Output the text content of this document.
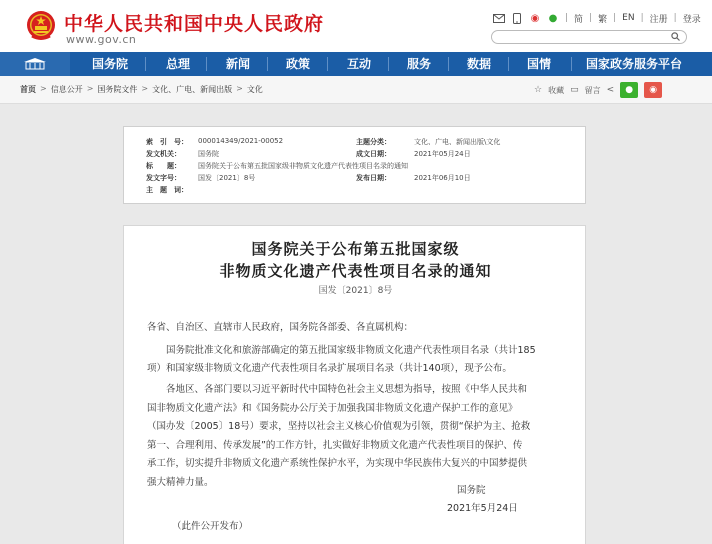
中华人民共和国中央人民政府
www.gov.cn
◉ ● | 简 | 繁 | EN | 注册 | 登录
国务院	总理	新闻	政策	互动	服务	数据	国情	国家政务服务平台
首页 > 信息公开 > 国务院文件 > 文化、广电、新闻出版 > 文化	☆ 收藏 ▭ 留言 <	●	◉
索　引　号： 000014349/2021-00052	主题分类：	文化、广电、新闻出版\文化
发文机关： 国务院	成文日期：	2021年05月24日
标　　题： 国务院关于公布第五批国家级非物质文化遗产代表性项目名录的通知
发文字号： 国发〔2021〕8号	发布日期：	2021年06月10日
主　题　词：
国务院关于公布第五批国家级
非物质文化遗产代表性项目名录的通知
国发〔2021〕8号
各省、自治区、直辖市人民政府，国务院各部委、各直属机构：
国务院批准文化和旅游部确定的第五批国家级非物质文化遗产代表性项目名录（共计185
项）和国家级非物质文化遗产代表性项目名录扩展项目名录（共计140项），现予公布。
各地区、各部门要以习近平新时代中国特色社会主义思想为指导，按照《中华人民共和
国非物质文化遗产法》和《国务院办公厅关于加强我国非物质文化遗产保护工作的意见》
（国办发〔2005〕18号）要求，坚持以社会主义核心价值观为引领，贯彻“保护为主、抢救
第一、合理利用、传承发展”的工作方针，扎实做好非物质文化遗产代表性项目的保护、传
承工作，切实提升非物质文化遗产系统性保护水平，为实现中华民族伟大复兴的中国梦提供
强大精神力量。
国务院
2021年5月24日
（此件公开发布）
